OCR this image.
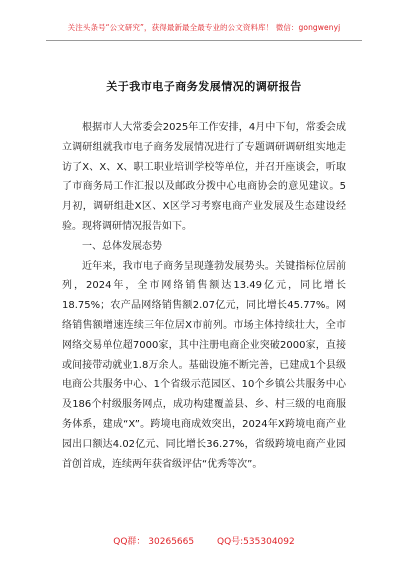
关注头条号“公文研究”，获得最新最全最专业的公文资料库！ 微信：gongwenyj
关于我市电子商务发展情况的调研报告

根据市人大常委会2025年工作安排，4月中下旬，常委会成立调研组就我市电子商务发展情况进行了专题调研调研组实地走访了X、X、X、职工职业培训学校等单位，并召开座谈会，听取了市商务局工作汇报以及邮政分拨中心电商协会的意见建议。5月初，调研组赴X区、X区学习考察电商产业发展及生态建设经验。现将调研情况报告如下。

一、总体发展态势

近年来，我市电子商务呈现蓬勃发展势头。关键指标位居前列，2024年，全市网络销售额达13.49亿元，同比增长18.75%；农产品网络销售额2.07亿元，同比增长45.77%。网络销售额增速连续三年位居X市前列。市场主体持续壮大，全市网络交易单位超7000家，其中注册电商企业突破2000家，直接或间接带动就业1.8万余人。基础设施不断完善，已建成1个县级电商公共服务中心、1个省级示范园区、10个乡镇公共服务中心及186个村级服务网点，成功构建覆盖县、乡、村三级的电商服务体系，建成“X”。跨境电商成效突出，2024年X跨境电商产业园出口额达4.02亿元、同比增长36.27%，省级跨境电商产业园首创首成，连续两年获省级评估“优秀等次”。

QQ群： 30265665	QQ号:535304092
